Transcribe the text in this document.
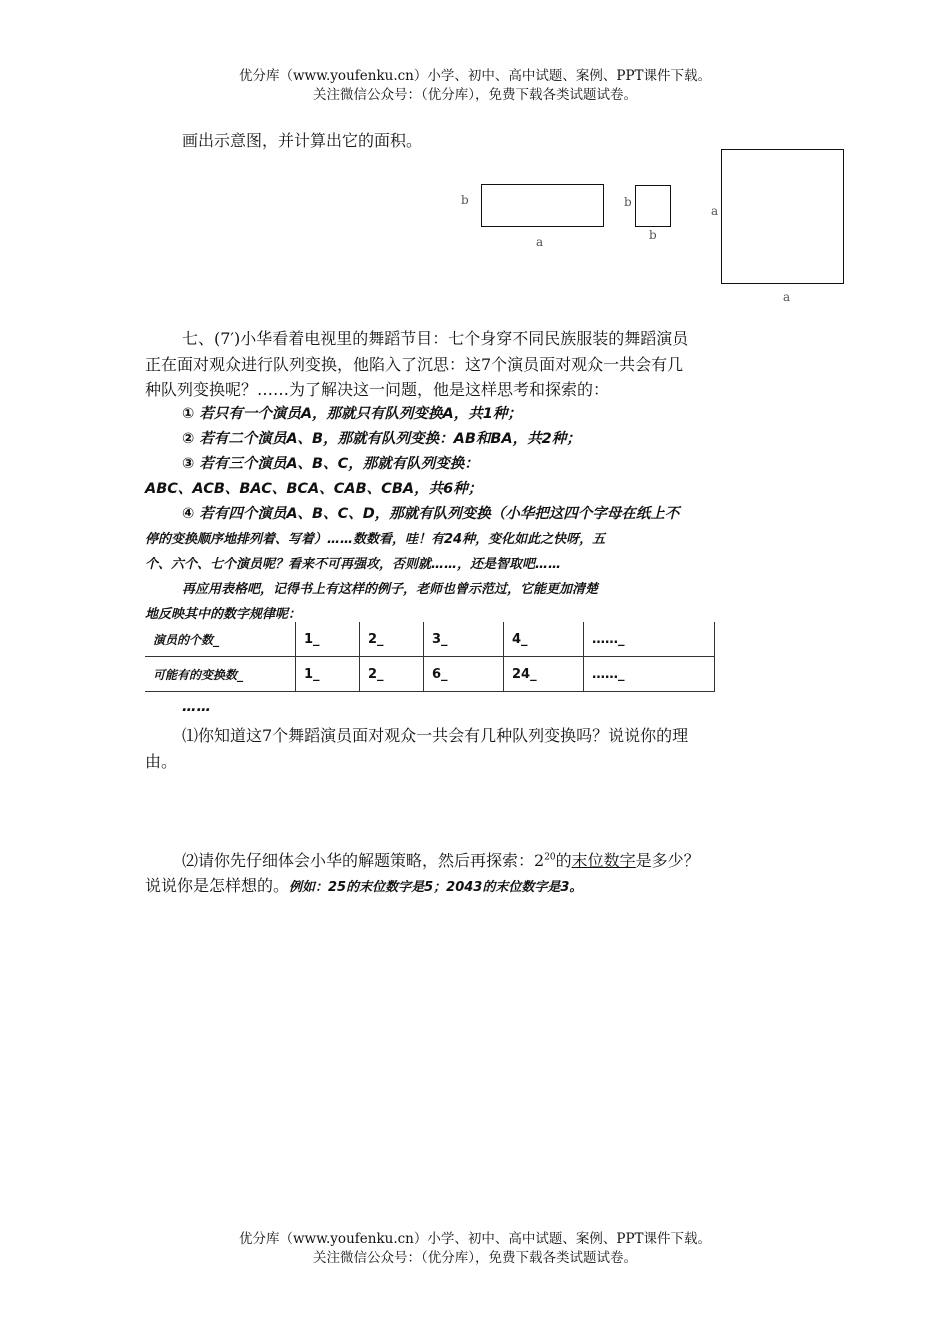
优分库（www.youfenku.cn）小学、初中、高中试题、案例、PPT课件下载。
关注微信公众号：（优分库），免费下载各类试题试卷。
画出示意图，并计算出它的面积。
b
a
b
b
a
a
七、(7′)小华看着电视里的舞蹈节目：七个身穿不同民族服装的舞蹈演员
正在面对观众进行队列变换，他陷入了沉思：这7个演员面对观众一共会有几
种队列变换呢？……为了解决这一问题，他是这样思考和探索的：
① 若只有一个演员A，那就只有队列变换A，共1种；
② 若有二个演员A、B，那就有队列变换：AB和BA，共2种；
③ 若有三个演员A、B、C，那就有队列变换：
ABC、ACB、BAC、BCA、CAB、CBA，共6种；
④ 若有四个演员A、B、C、D，那就有队列变换（小华把这四个字母在纸上不
停的变换顺序地排列着、写着）……数数看，哇！有24种，变化如此之快呀，五
个、六个、七个演员呢？看来不可再强攻，否则就……，还是智取吧……
再应用表格吧，记得书上有这样的例子，老师也曾示范过，它能更加清楚
地反映其中的数字规律呢：
演员的个数_	1_	2_	3_	4_	……_
可能有的变换数_	1_	2_	6_	24_	……_
……
⑴你知道这7个舞蹈演员面对观众一共会有几种队列变换吗？说说你的理
由。
⑵请你先仔细体会小华的解题策略，然后再探索：$2^{20}$的末位数字是多少？
说说你是怎样想的。例如：25的末位数字是5；2043的末位数字是3。
优分库（www.youfenku.cn）小学、初中、高中试题、案例、PPT课件下载。
关注微信公众号：（优分库），免费下载各类试题试卷。
